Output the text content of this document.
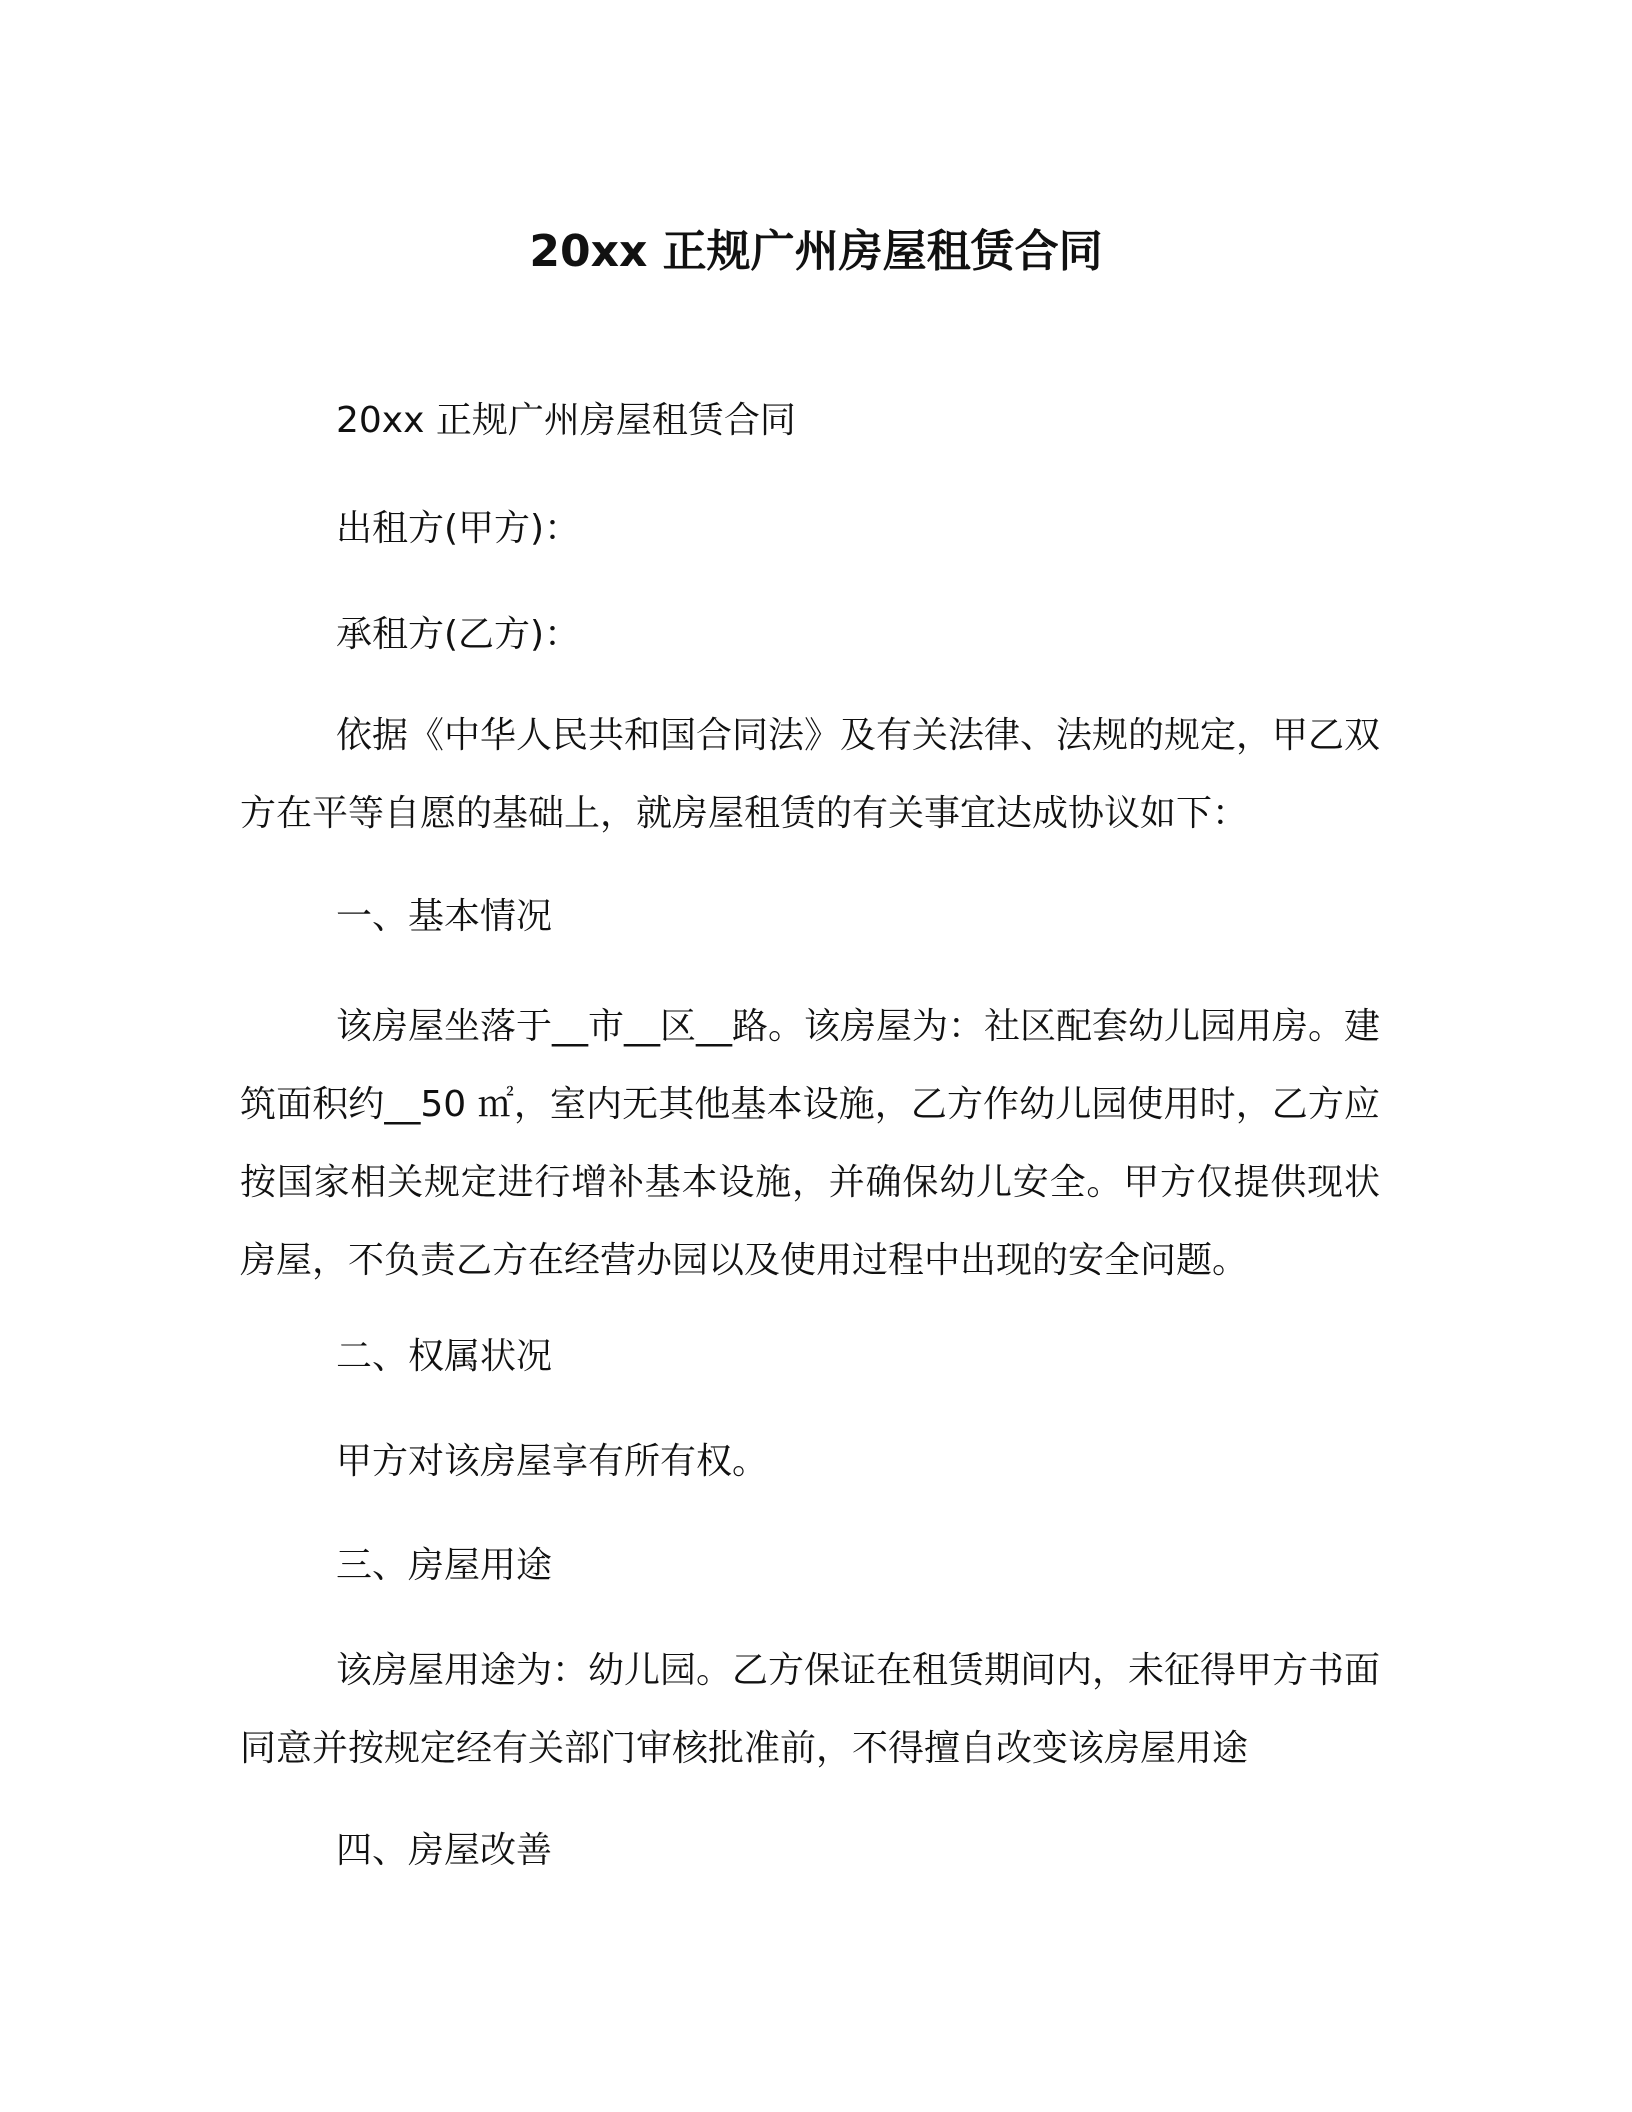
20xx 正规广州房屋租赁合同

20xx 正规广州房屋租赁合同

出租方(甲方)：

承租方(乙方)：

依据《中华人民共和国合同法》及有关法律、法规的规定，甲乙双方在平等自愿的基础上，就房屋租赁的有关事宜达成协议如下：

一、基本情况

该房屋坐落于__市__区__路。该房屋为：社区配套幼儿园用房。建筑面积约__50 ㎡，室内无其他基本设施，乙方作幼儿园使用时，乙方应按国家相关规定进行增补基本设施，并确保幼儿安全。甲方仅提供现状房屋，不负责乙方在经营办园以及使用过程中出现的安全问题。

二、权属状况

甲方对该房屋享有所有权。

三、房屋用途

该房屋用途为：幼儿园。乙方保证在租赁期间内，未征得甲方书面同意并按规定经有关部门审核批准前，不得擅自改变该房屋用途

四、房屋改善
